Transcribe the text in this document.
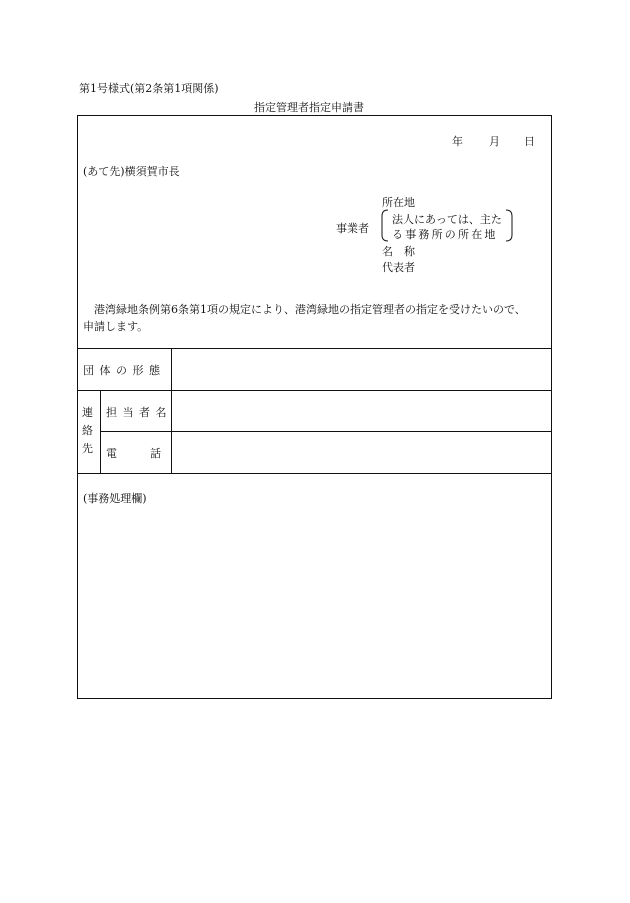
第1号様式(第2条第1項関係)
指定管理者指定申請書
年 月 日
(あて先)横須賀市長
所在地
事業者
法人にあっては、主た
る事務所の所在地
名　称
代表者
　港湾緑地条例第6条第1項の規定により、港湾緑地の指定管理者の指定を受けたいので、
申請します。
団 体 の 形 態
連
絡
先
担 当 者 名
電　　　話
(事務処理欄)
